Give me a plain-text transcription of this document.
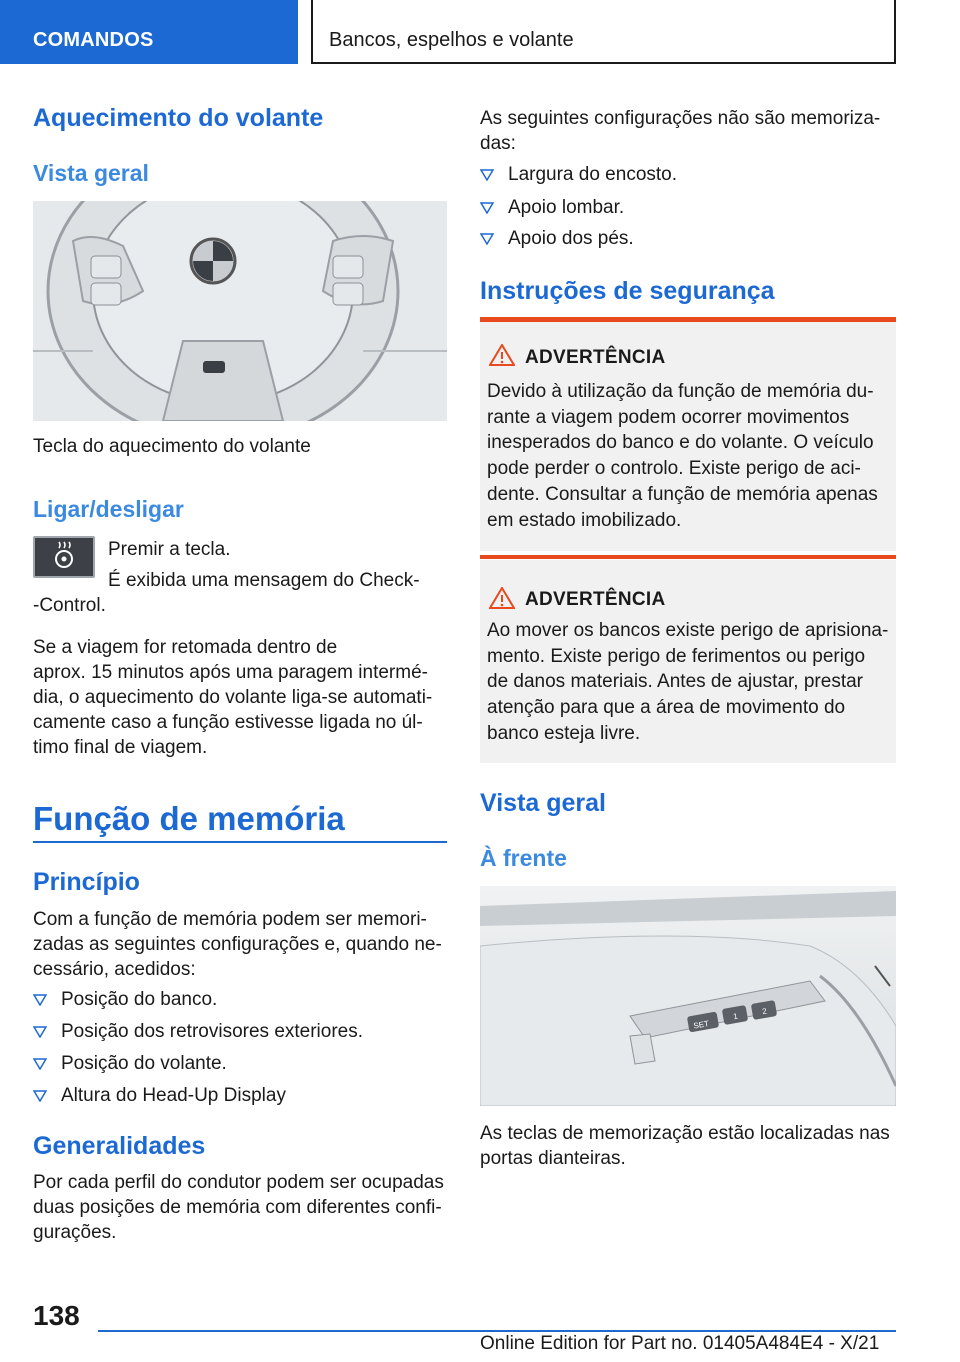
COMANDOS	Bancos, espelhos e volante
Aquecimento do volante
Vista geral
Tecla do aquecimento do volante
Ligar/desligar
Premir a tecla.
É exibida uma mensagem do Check-
-Control.
Se a viagem for retomada dentro de
aprox. 15 minutos após uma paragem intermé-
dia, o aquecimento do volante liga-se automati-
camente caso a função estivesse ligada no úl-
timo final de viagem.
Função de memória
Princípio
Com a função de memória podem ser memori-
zadas as seguintes configurações e, quando ne-
cessário, acedidos:
Posição do banco.
Posição dos retrovisores exteriores.
Posição do volante.
Altura do Head-Up Display
Generalidades
Por cada perfil do condutor podem ser ocupadas
duas posições de memória com diferentes confi-
gurações.
As seguintes configurações não são memoriza-
das:
Largura do encosto.
Apoio lombar.
Apoio dos pés.
Instruções de segurança
ADVERTÊNCIA
Devido à utilização da função de memória du-
rante a viagem podem ocorrer movimentos
inesperados do banco e do volante. O veículo
pode perder o controlo. Existe perigo de aci-
dente. Consultar a função de memória apenas
em estado imobilizado.
ADVERTÊNCIA
Ao mover os bancos existe perigo de aprisiona-
mento. Existe perigo de ferimentos ou perigo
de danos materiais. Antes de ajustar, prestar
atenção para que a área de movimento do
banco esteja livre.
Vista geral
À frente
SET
1
2
As teclas de memorização estão localizadas nas
portas dianteiras.
138
Online Edition for Part no. 01405A484E4 - X/21
